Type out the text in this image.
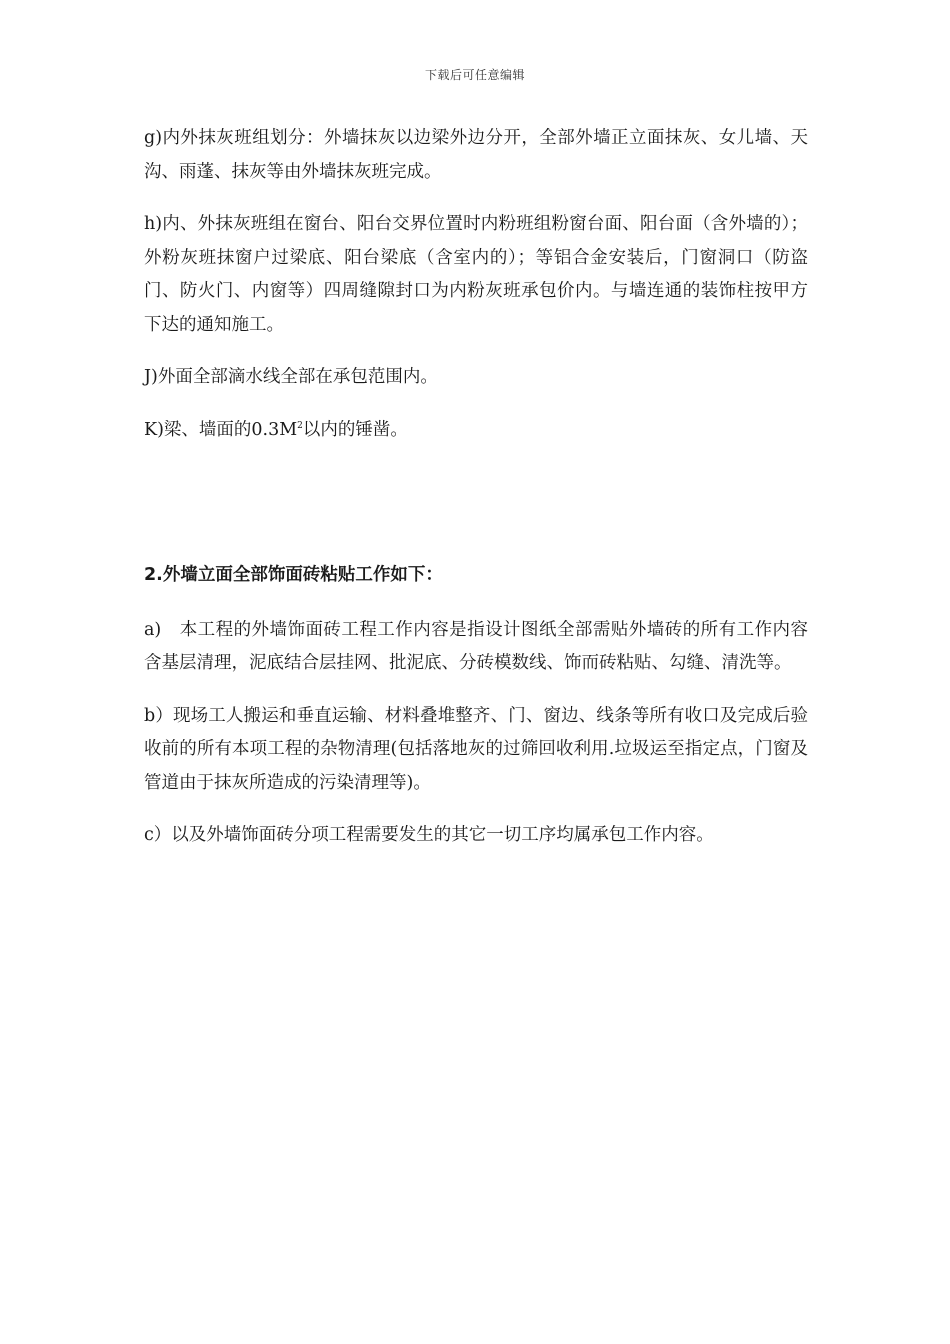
下载后可任意编辑

g)内外抹灰班组划分：外墙抹灰以边梁外边分开，全部外墙正立面抹灰、女儿墙、天沟、雨蓬、抹灰等由外墙抹灰班完成。

h)内、外抹灰班组在窗台、阳台交界位置时内粉班组粉窗台面、阳台面（含外墙的）；外粉灰班抹窗户过梁底、阳台梁底（含室内的）；等铝合金安装后，门窗洞口（防盗门、防火门、内窗等）四周缝隙封口为内粉灰班承包价内。与墙连通的装饰柱按甲方下达的通知施工。

J)外面全部滴水线全部在承包范围内。

K)梁、墙面的$0.3M^2$以内的锤凿。

2.外墙立面全部饰面砖粘贴工作如下：

a)　本工程的外墙饰面砖工程工作内容是指设计图纸全部需贴外墙砖的所有工作内容含基层清理，泥底结合层挂网、批泥底、分砖模数线、饰而砖粘贴、勾缝、清洗等。

b）现场工人搬运和垂直运输、材料叠堆整齐、门、窗边、线条等所有收口及完成后验收前的所有本项工程的杂物清理(包括落地灰的过筛回收利用.垃圾运至指定点，门窗及管道由于抹灰所造成的污染清理等)。

c）以及外墙饰面砖分项工程需要发生的其它一切工序均属承包工作内容。
